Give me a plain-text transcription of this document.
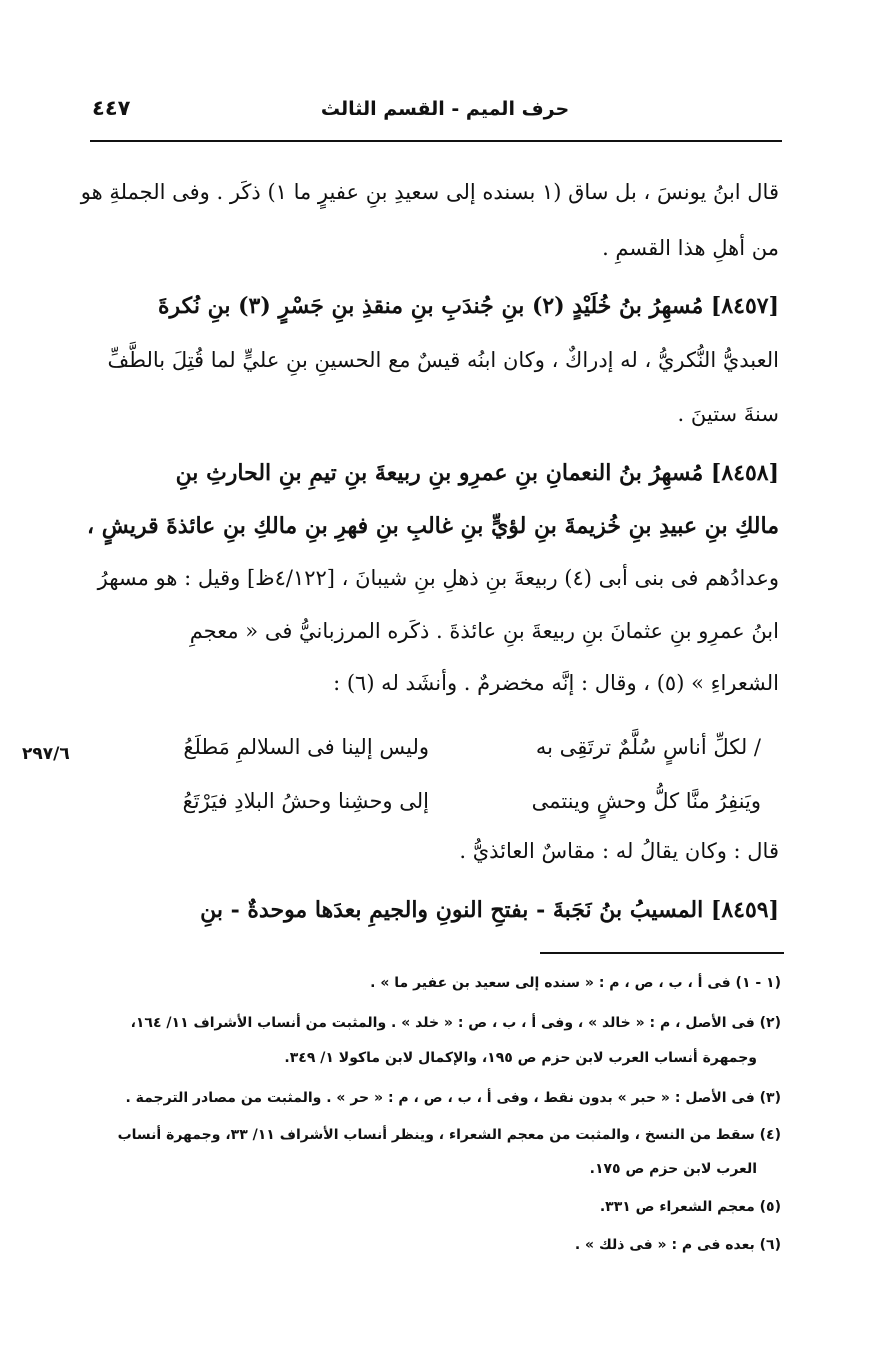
حرف الميم - القسم الثالث
٤٤٧
قال ابنُ يونسَ ، بل ساق (١ بسنده إلى سعيدِ بنِ عفيرٍ ما ١) ذكَر . وفى الجملةِ هو
من أهلِ هذا القسمِ .
[٨٤٥٧] مُسهِرُ بنُ خُلَيْدٍ (٢) بنِ جُندَبِ بنِ منقذِ بنِ جَسْرٍ (٣) بنِ نُكرةَ
العبديُّ النُّكريُّ ، له إدراكٌ ، وكان ابنُه قيسٌ مع الحسينِ بنِ عليٍّ لما قُتِلَ بالطَّفِّ
سنةَ ستينَ .
[٨٤٥٨] مُسهِرُ بنُ النعمانِ بنِ عمرِو بنِ ربيعةَ بنِ تيمِ بنِ الحارثِ بنِ
مالكِ بنِ عبيدِ بنِ خُزيمةَ بنِ لؤيٍّ بنِ غالبِ بنِ فهرِ بنِ مالكِ بنِ عائذةَ قريشٍ ،
وعدادُهم فى بنى أبى (٤) ربيعةَ بنِ ذهلِ بنِ شيبانَ ، [٤/١٢٢ظ] وقيل : هو مسهرُ
ابنُ عمرِو بنِ عثمانَ بنِ ربيعةَ بنِ عائذةَ . ذكَره المرزبانيُّ فى « معجمِ
الشعراءِ » (٥) ، وقال : إنَّه مخضرمٌ . وأنشَد له (٦) :
٢٩٧/٦	/ لكلِّ أناسٍ سُلَّمٌ ترتَقِى به
وليس إلينا فى السلالمِ مَطلَعُ
ويَنفِرُ منَّا كلُّ وحشٍ وينتمى
إلى وحشِنا وحشُ البلادِ فيَرْتَعُ
قال : وكان يقالُ له : مقاسٌ العائذيُّ .
[٨٤٥٩] المسيبُ بنُ نَجَبةَ - بفتحِ النونِ والجيمِ بعدَها موحدةٌ - بنِ
(١ - ١) فى أ ، ب ، ص ، م : « سنده إلى سعيد بن عفير ما » .
(٢) فى الأصل ، م : « خالد » ، وفى أ ، ب ، ص : « خلد » . والمثبت من أنساب الأشراف ١١/ ١٦٤،
وجمهرة أنساب العرب لابن حزم ص ١٩٥، والإكمال لابن ماكولا ١/ ٣٤٩.
(٣) فى الأصل : « حبر » بدون نقط ، وفى أ ، ب ، ص ، م : « حر » . والمثبت من مصادر الترجمة .
(٤) سقط من النسخ ، والمثبت من معجم الشعراء ، وينظر أنساب الأشراف ١١/ ٣٣، وجمهرة أنساب
العرب لابن حزم ص ١٧٥.
(٥) معجم الشعراء ص ٣٣١.
(٦) بعده فى م : « فى ذلك » .
